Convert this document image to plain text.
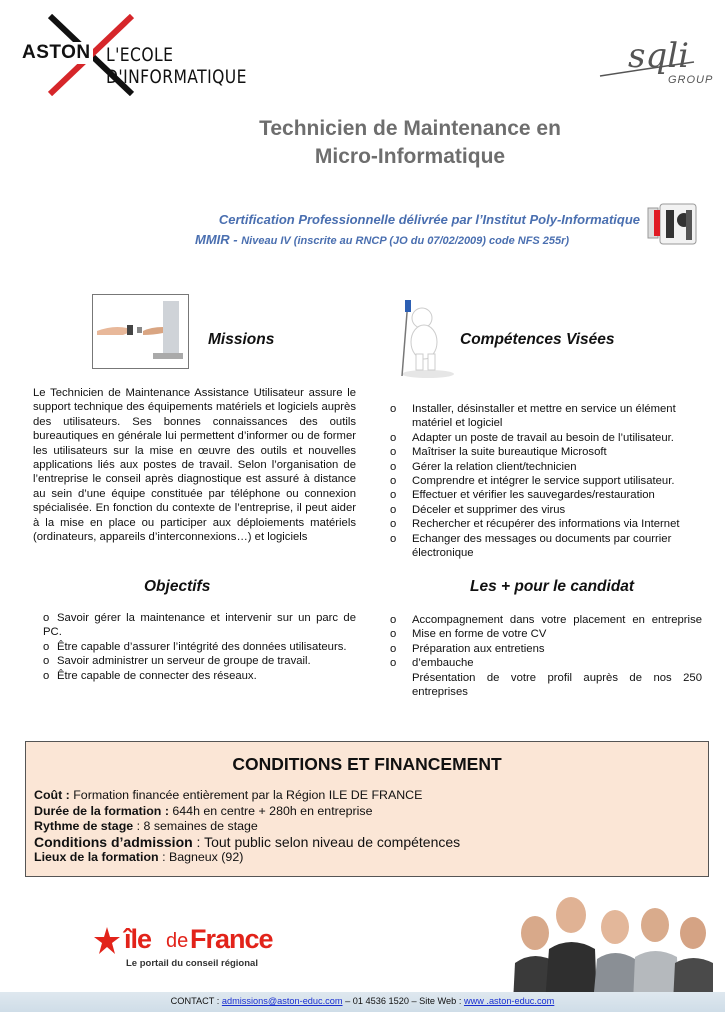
ASTON L'ECOLE D'INFORMATIQUE
sqli
GROUP
Technicien de Maintenance en
Micro-Informatique
Certification Professionnelle délivrée par l’Institut Poly-Informatique
MMIR - Niveau IV (inscrite au RNCP (JO du 07/02/2009) code NFS 255r)
Missions
Le Technicien de Maintenance Assistance Utilisateur assure le support technique des équipements matériels et logiciels auprès des utilisateurs. Ses bonnes connaissances des outils bureautiques en générale lui permettent d’informer ou de former les utilisateurs sur la mise en œuvre des outils et nouvelles applications liés aux postes de travail. Selon l’organisation de l’entreprise le conseil après diagnostique est assuré à distance au sein d’une équipe constituée par téléphone ou connexion spécialisée. En fonction du contexte de l’entreprise, il peut aider à la mise en place ou participer aux déploiements matériels (ordinateurs, appareils d’interconnexions…) et logiciels
Compétences Visées
o Installer, désinstaller et mettre en service un élément matériel et logiciel
o Adapter un poste de travail au besoin de l’utilisateur.
o Maîtriser la suite bureautique Microsoft
o Gérer la relation client/technicien
o Comprendre et intégrer le service support utilisateur.
o Effectuer et vérifier les sauvegardes/restauration
o Déceler et supprimer des virus
o Rechercher et récupérer des informations via Internet
o Echanger des messages ou documents par courrier électronique
Objectifs
o Savoir gérer la maintenance et intervenir sur un parc de PC.
o Être capable d’assurer l’intégrité des données utilisateurs.
o Savoir administrer un serveur de groupe de travail.
o Être capable de connecter des réseaux.
Les + pour le candidat
o Accompagnement dans votre placement en entreprise
o Mise en forme de votre CV
o Préparation aux entretiens
o d’embauche
Présentation de votre profil auprès de nos 250 entreprises
CONDITIONS ET FINANCEMENT
Coût : Formation financée entièrement par la Région ILE DE FRANCE
Durée de la formation : 644h en centre + 280h en entreprise
Rythme de stage : 8 semaines de stage
Conditions d’admission : Tout public selon niveau de compétences
Lieux de la formation : Bagneux (92)
île de France
Le portail du conseil régional
CONTACT : admissions@aston-educ.com – 01 4536 1520 – Site Web : www .aston-educ.com
